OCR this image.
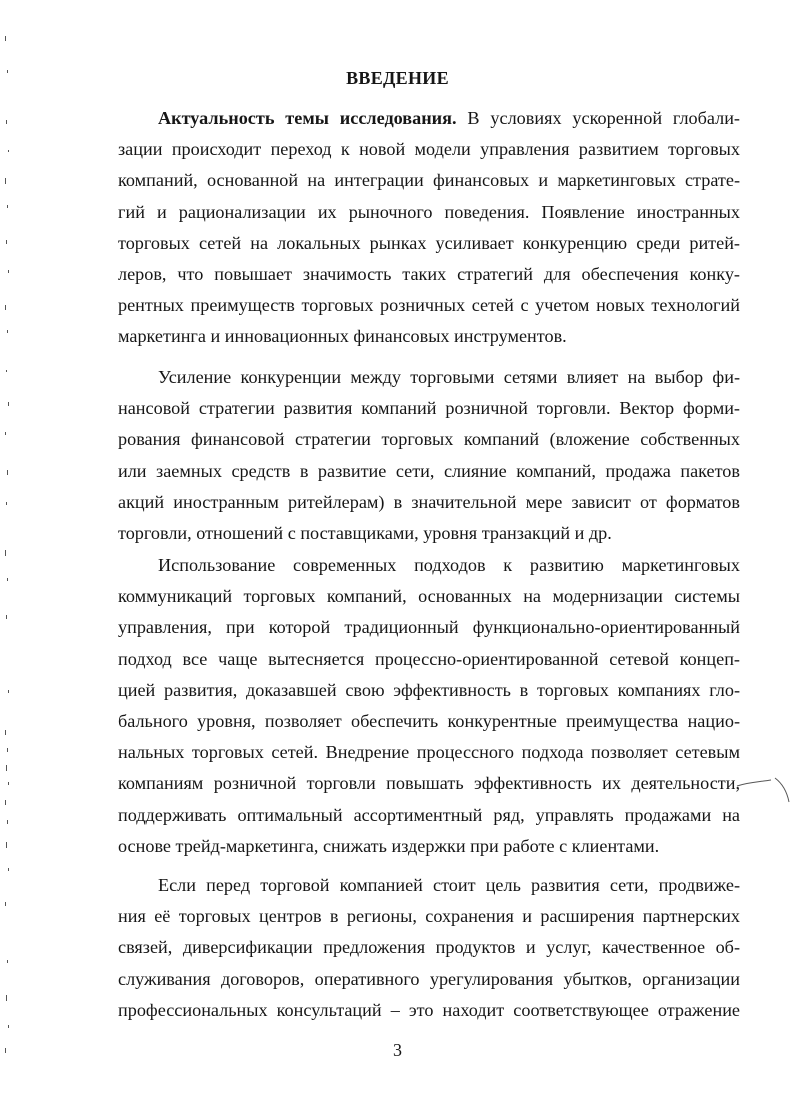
ВВЕДЕНИЕ
Актуальность темы исследования. В условиях ускоренной глобали-
зации происходит переход к новой модели управления развитием торговых
компаний, основанной на интеграции финансовых и маркетинговых страте-
гий и рационализации их рыночного поведения. Появление иностранных
торговых сетей на локальных рынках усиливает конкуренцию среди ритей-
леров, что повышает значимость таких стратегий для обеспечения конку-
рентных преимуществ торговых розничных сетей с учетом новых технологий
маркетинга и инновационных финансовых инструментов.
Усиление конкуренции между торговыми сетями влияет на выбор фи-
нансовой стратегии развития компаний розничной торговли. Вектор форми-
рования финансовой стратегии торговых компаний (вложение собственных
или заемных средств в развитие сети, слияние компаний, продажа пакетов
акций иностранным ритейлерам) в значительной мере зависит от форматов
торговли, отношений с поставщиками, уровня транзакций и др.
Использование современных подходов к развитию маркетинговых
коммуникаций торговых компаний, основанных на модернизации системы
управления, при которой традиционный функционально-ориентированный
подход все чаще вытесняется процессно-ориентированной сетевой концеп-
цией развития, доказавшей свою эффективность в торговых компаниях гло-
бального уровня, позволяет обеспечить конкурентные преимущества нацио-
нальных торговых сетей. Внедрение процессного подхода позволяет сетевым
компаниям розничной торговли повышать эффективность их деятельности,
поддерживать оптимальный ассортиментный ряд, управлять продажами на
основе трейд-маркетинга, снижать издержки при работе с клиентами.
Если перед торговой компанией стоит цель развития сети, продвиже-
ния её торговых центров в регионы, сохранения и расширения партнерских
связей, диверсификации предложения продуктов и услуг, качественное об-
служивания договоров, оперативного урегулирования убытков, организации
профессиональных консультаций – это находит соответствующее отражение
3
